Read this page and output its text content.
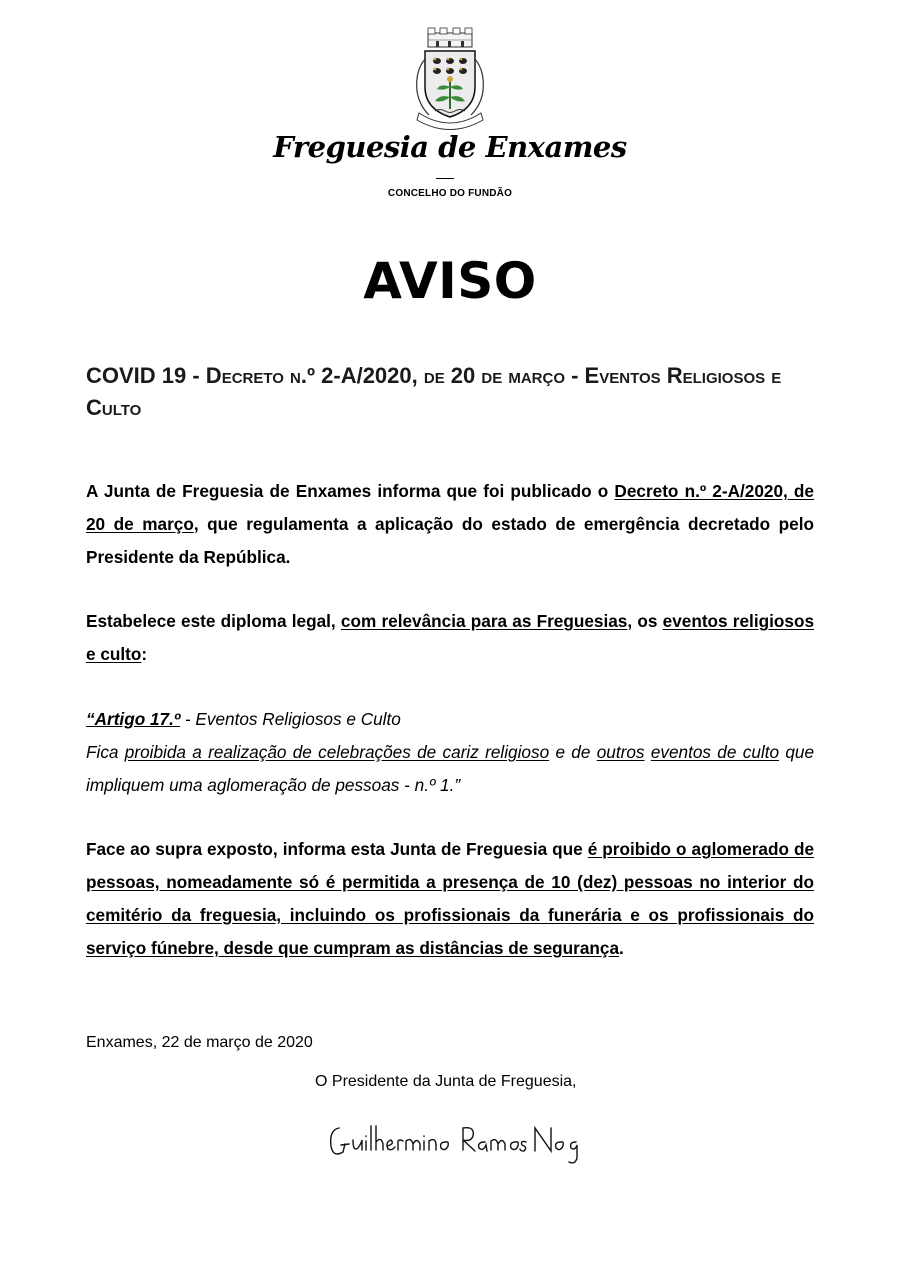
Freguesia de Enxames
CONCELHO DO FUNDÃO
AVISO
COVID 19 - Decreto n.º 2-A/2020, de 20 de março - Eventos Religiosos e Culto

A Junta de Freguesia de Enxames informa que foi publicado o Decreto n.º 2-A/2020, de 20 de março, que regulamenta a aplicação do estado de emergência decretado pelo Presidente da República.

Estabelece este diploma legal, com relevância para as Freguesias, os eventos religiosos e culto:

“Artigo 17.º - Eventos Religiosos e Culto
Fica proibida a realização de celebrações de cariz religioso e de outros eventos de culto que impliquem uma aglomeração de pessoas - n.º 1.”

Face ao supra exposto, informa esta Junta de Freguesia que é proibido o aglomerado de pessoas, nomeadamente só é permitida a presença de 10 (dez) pessoas no interior do cemitério da freguesia, incluindo os profissionais da funerária e os profissionais do serviço fúnebre, desde que cumpram as distâncias de segurança.

Enxames, 22 de março de 2020
O Presidente da Junta de Freguesia,
